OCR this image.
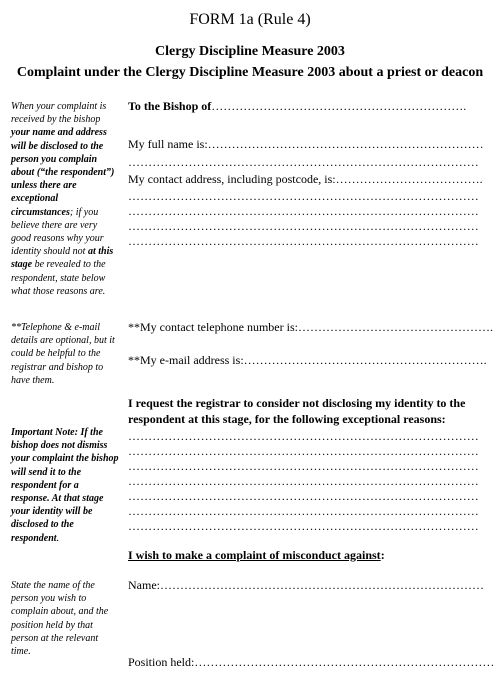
FORM 1a (Rule 4)
Clergy Discipline Measure 2003
Complaint under the Clergy Discipline Measure 2003 about a priest or deacon
When your complaint is received by the bishop your name and address will be disclosed to the person you complain about (“the respondent”) unless there are exceptional circumstances; if you believe there are very good reasons why your identity should not at this stage be revealed to the respondent, state below what those reasons are.
**Telephone & e-mail details are optional, but it could be helpful to the registrar and bishop to have them.
Important Note: If the bishop does not dismiss your complaint the bishop will send it to the respondent for a response. At that stage your identity will be disclosed to the respondent.
State the name of the person you wish to complain about, and the position held by that person at the relevant time.
To the Bishop of……………………………………………………….
My full name is:……………………………………………………………
……………………………………………………………………………
My contact address, including postcode, is:……………………………….
……………………………………………………………………………
……………………………………………………………………………
……………………………………………………………………………
……………………………………………………………………………
**My contact telephone number is:………………………………………….
**My e-mail address is:…………………………………………………….
I request the registrar to consider not disclosing my identity to the
respondent at this stage, for the following exceptional reasons:
……………………………………………………………………………
……………………………………………………………………………
……………………………………………………………………………
……………………………………………………………………………
……………………………………………………………………………
……………………………………………………………………………
……………………………………………………………………………
I wish to make a complaint of misconduct against:
Name:………………………………………………………………………
Position held:…………………………………………………………………
